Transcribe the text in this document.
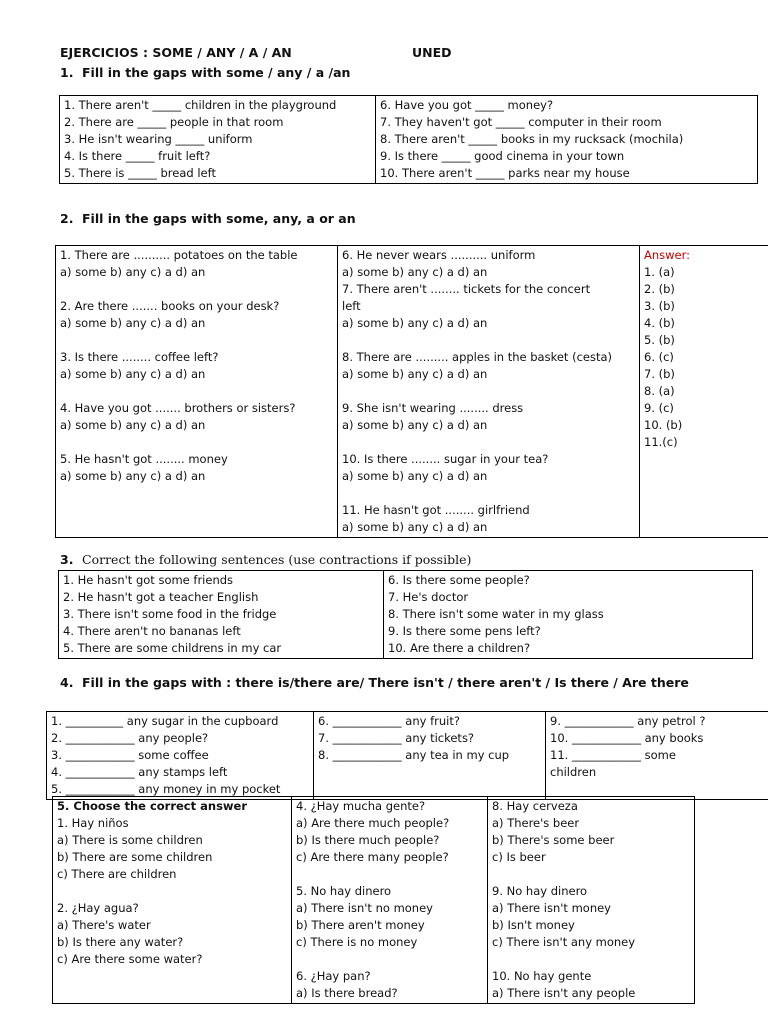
EJERCICIOS : SOME / ANY / A / AN	UNED
1. Fill in the gaps with some / any / a /an
1. There aren't _____ children in the playground
2. There are _____ people in that room
3. He isn't wearing _____ uniform
4. Is there _____ fruit left?
5. There is _____ bread left

6. Have you got _____ money?
7. They haven't got _____ computer in their room
8. There aren't _____ books in my rucksack (mochila)
9. Is there _____ good cinema in your town
10. There aren't _____ parks near my house
2. Fill in the gaps with some, any, a or an
1. There are .......... potatoes on the table
a) some b) any c) a d) an
2. Are there ....... books on your desk?
a) some b) any c) a d) an
3. Is there ........ coffee left?
a) some b) any c) a d) an
4. Have you got ....... brothers or sisters?
a) some b) any c) a d) an
5. He hasn't got ........ money
a) some b) any c) a d) an

6. He never wears .......... uniform
a) some b) any c) a d) an
7. There aren't ........ tickets for the concert
left
a) some b) any c) a d) an
8. There are ......... apples in the basket (cesta)
a) some b) any c) a d) an
9. She isn't wearing ........ dress
a) some b) any c) a d) an
10. Is there ........ sugar in your tea?
a) some b) any c) a d) an
11. He hasn't got ........ girlfriend
a) some b) any c) a d) an

Answer:
1. (a)
2. (b)
3. (b)
4. (b)
5. (b)
6. (c)
7. (b)
8. (a)
9. (c)
10. (b)
11.(c)
3. Correct the following sentences (use contractions if possible)
1. He hasn't got some friends
2. He hasn't got a teacher English
3. There isn't some food in the fridge
4. There aren't no bananas left
5. There are some childrens in my car

6. Is there some people?
7. He's doctor
8. There isn't some water in my glass
9. Is there some pens left?
10. Are there a children?
4. Fill in the gaps with : there is/there are/ There isn't / there aren't / Is there / Are there
1. __________ any sugar in the cupboard
2. ____________ any people?
3. ____________ some coffee
4. ____________ any stamps left
5. ____________ any money in my pocket

6. ____________ any fruit?
7. ____________ any tickets?
8. ____________ any tea in my cup

9. ____________ any petrol ?
10. ____________ any books
11. ____________ some
children
5. Choose the correct answer
1. Hay niños
a) There is some children
b) There are some children
c) There are children
2. ¿Hay agua?
a) There's water
b) Is there any water?
c) Are there some water?

4. ¿Hay mucha gente?
a) Are there much people?
b) Is there much people?
c) Are there many people?
5. No hay dinero
a) There isn't no money
b) There aren't money
c) There is no money
6. ¿Hay pan?
a) Is there bread?

8. Hay cerveza
a) There's beer
b) There's some beer
c) Is beer
9. No hay dinero
a) There isn't money
b) Isn't money
c) There isn't any money
10. No hay gente
a) There isn't any people
